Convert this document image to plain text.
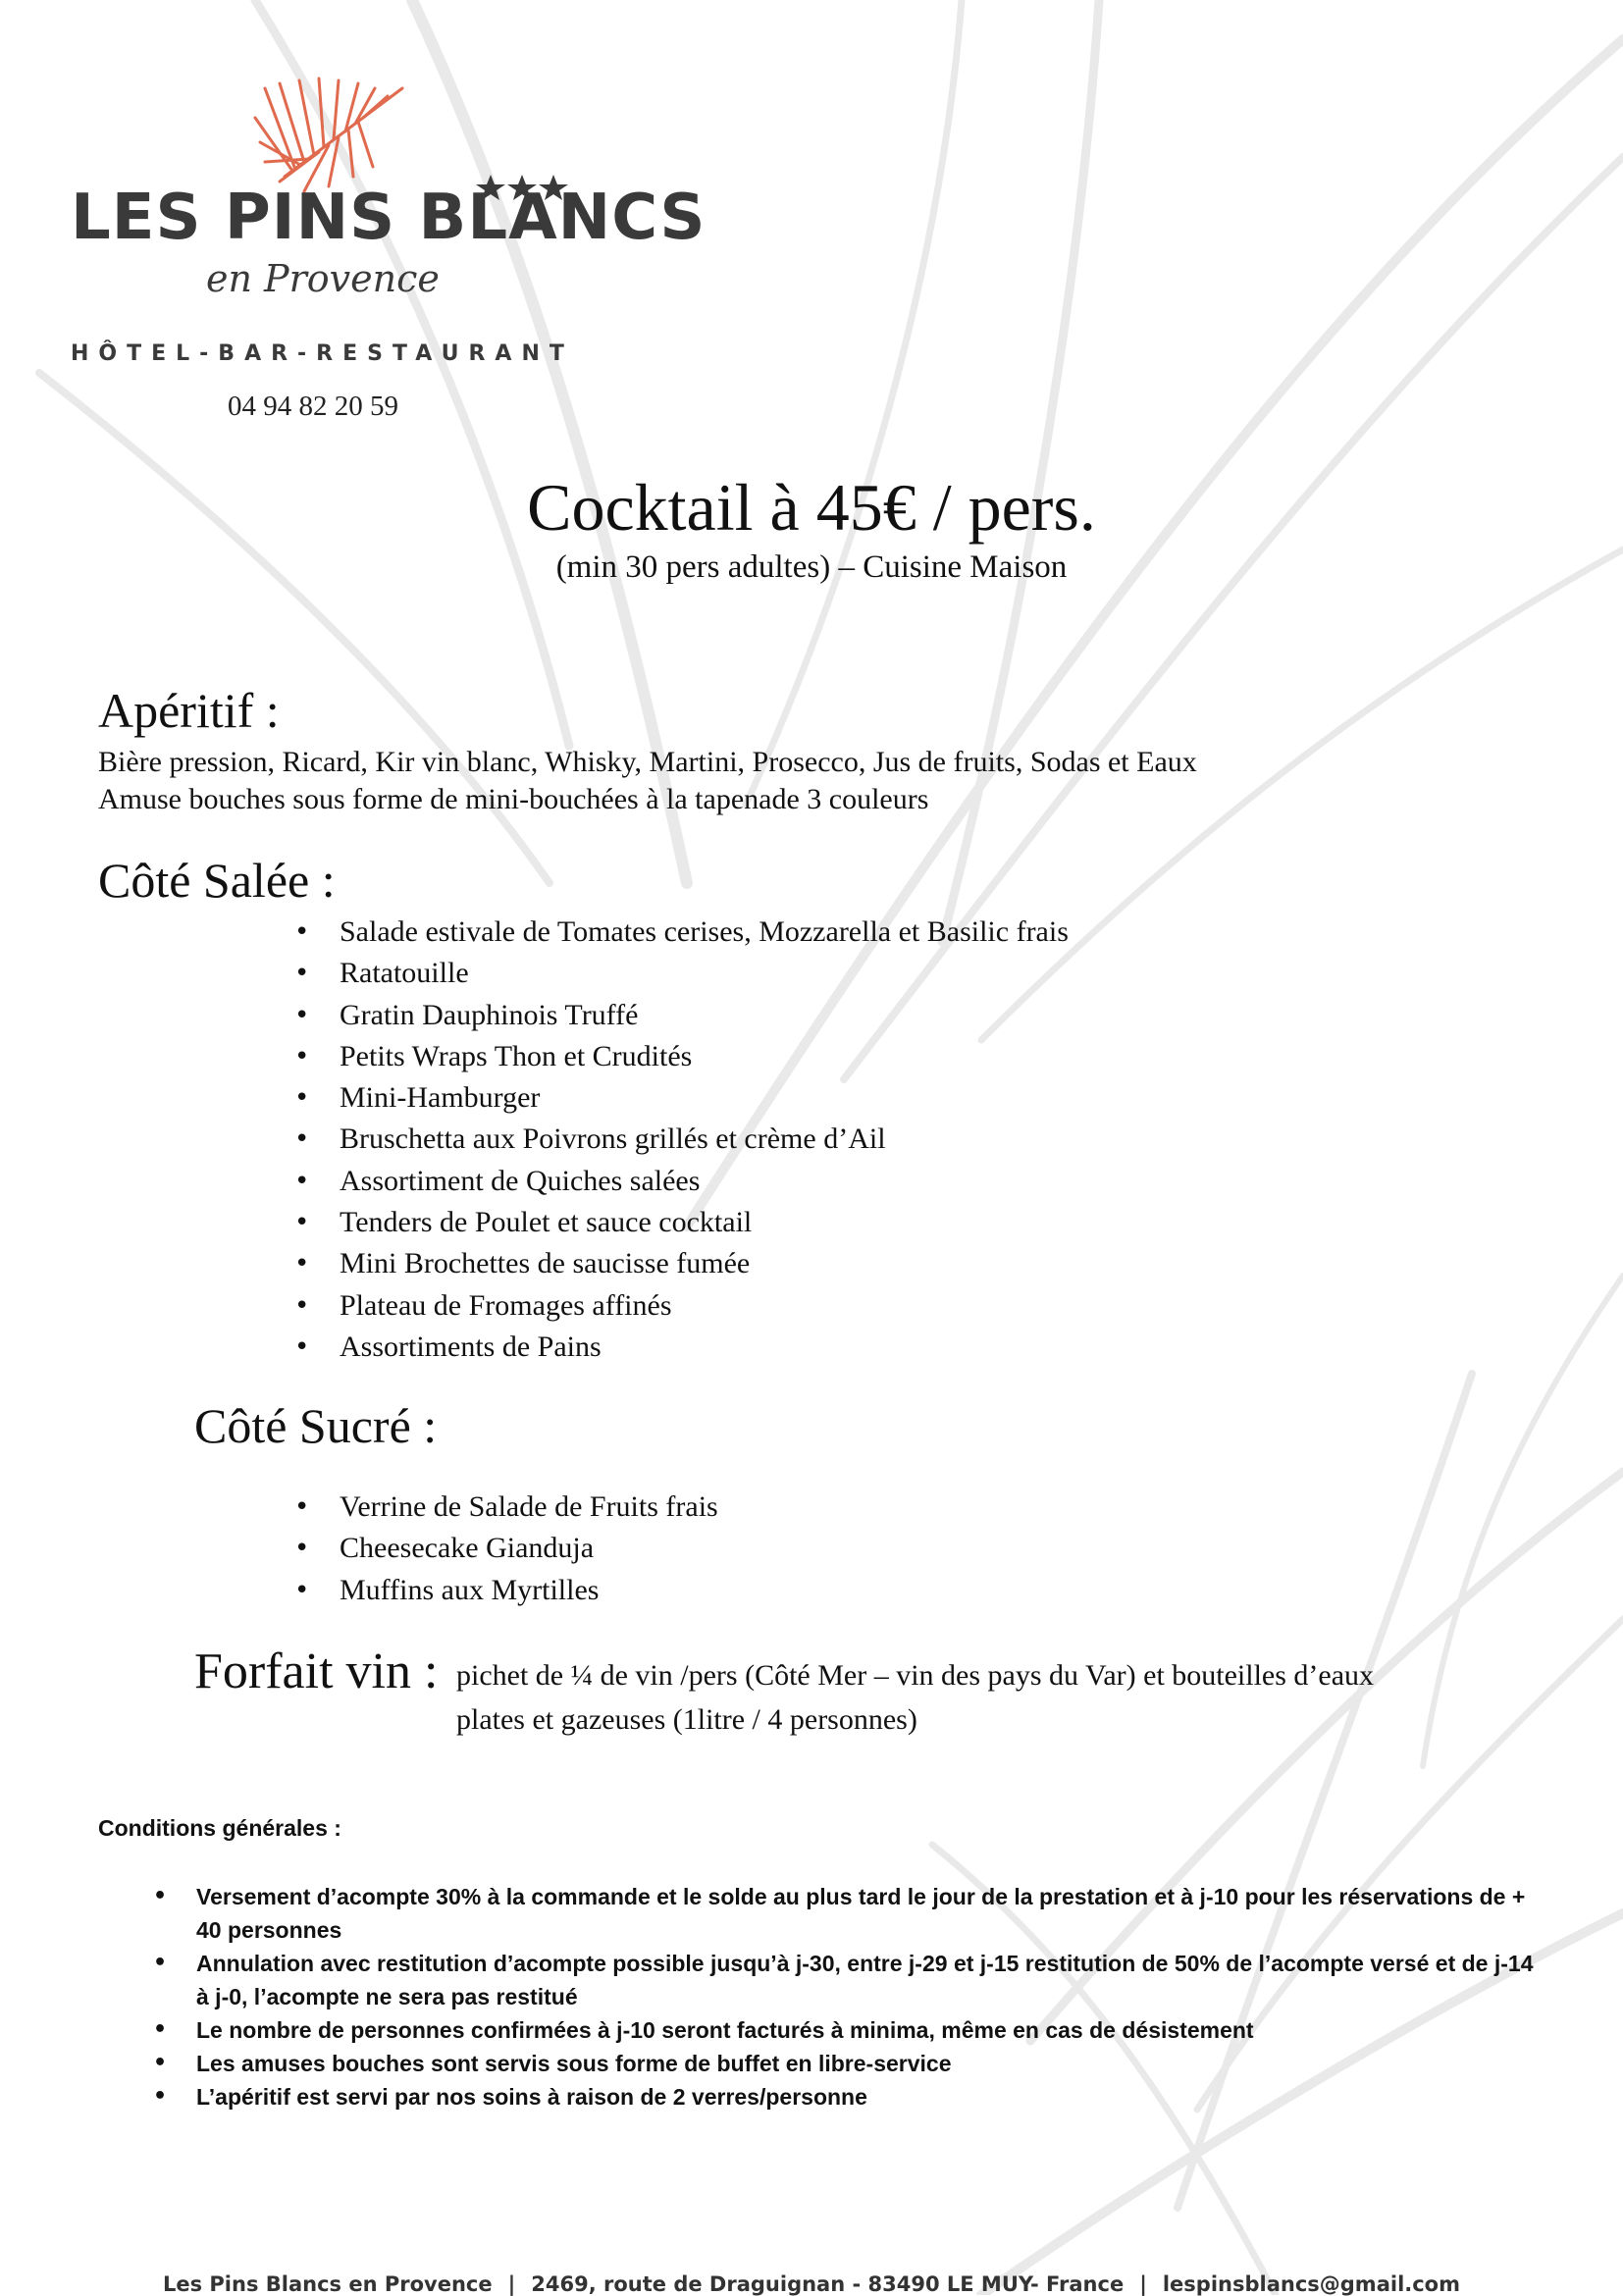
LES PINS BLANCS
en Provence
HÔTEL-BAR-RESTAURANT
04 94 82 20 59
Cocktail à 45€ / pers.
(min 30 pers adultes) – Cuisine Maison
Apéritif :
Bière pression, Ricard, Kir vin blanc, Whisky, Martini, Prosecco, Jus de fruits, Sodas et Eaux
Amuse bouches sous forme de mini-bouchées à la tapenade 3 couleurs
Côté Salée :
• Salade estivale de Tomates cerises, Mozzarella et Basilic frais
• Ratatouille
• Gratin Dauphinois Truffé
• Petits Wraps Thon et Crudités
• Mini-Hamburger
• Bruschetta aux Poivrons grillés et crème d’Ail
• Assortiment de Quiches salées
• Tenders de Poulet et sauce cocktail
• Mini Brochettes de saucisse fumée
• Plateau de Fromages affinés
• Assortiments de Pains
Côté Sucré :
• Verrine de Salade de Fruits frais
• Cheesecake Gianduja
• Muffins aux Myrtilles
Forfait vin : pichet de ¼ de vin /pers (Côté Mer – vin des pays du Var) et bouteilles d’eaux
plates et gazeuses (1litre / 4 personnes)
Conditions générales :
• Versement d’acompte 30% à la commande et le solde au plus tard le jour de la prestation et à j-10 pour les réservations de + 40 personnes
• Annulation avec restitution d’acompte possible jusqu’à j-30, entre j-29 et j-15 restitution de 50% de l’acompte versé et de j-14 à j-0, l’acompte ne sera pas restitué
• Le nombre de personnes confirmées à j-10 seront facturés à minima, même en cas de désistement
• Les amuses bouches sont servis sous forme de buffet en libre-service
• L’apéritif est servi par nos soins à raison de 2 verres/personne
Les Pins Blancs en Provence | 2469, route de Draguignan - 83490 LE MUY- France | lespinsblancs@gmail.com
